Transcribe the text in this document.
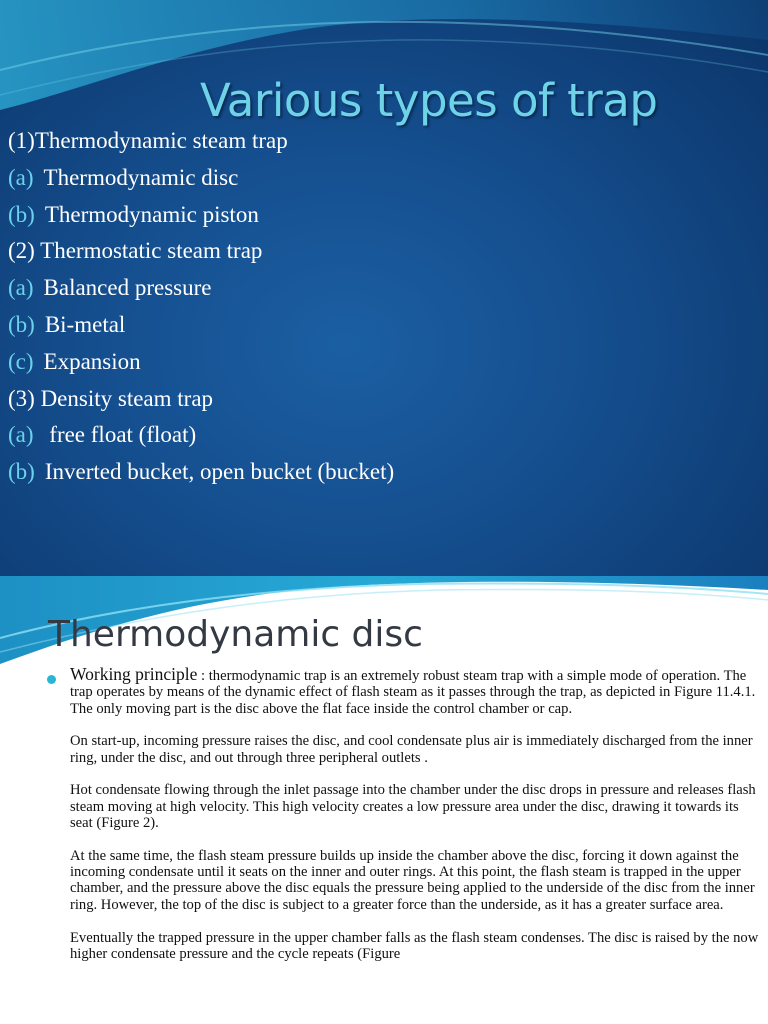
Various types of trap
(1)Thermodynamic steam trap
(a) Thermodynamic disc
(b) Thermodynamic piston
(2) Thermostatic steam trap
(a) Balanced pressure
(b) Bi-metal
(c) Expansion
(3) Density steam trap
(a) free float (float)
(b) Inverted bucket, open bucket (bucket)
Thermodynamic disc

Working principle : thermodynamic trap is an extremely robust steam trap with a simple mode of operation. The trap operates by means of the dynamic effect of flash steam as it passes through the trap, as depicted in Figure 11.4.1. The only moving part is the disc above the flat face inside the control chamber or cap.

On start-up, incoming pressure raises the disc, and cool condensate plus air is immediately discharged from the inner ring, under the disc, and out through three peripheral outlets .

Hot condensate flowing through the inlet passage into the chamber under the disc drops in pressure and releases flash steam moving at high velocity. This high velocity creates a low pressure area under the disc, drawing it towards its seat (Figure 2).

At the same time, the flash steam pressure builds up inside the chamber above the disc, forcing it down against the incoming condensate until it seats on the inner and outer rings. At this point, the flash steam is trapped in the upper chamber, and the pressure above the disc equals the pressure being applied to the underside of the disc from the inner ring. However, the top of the disc is subject to a greater force than the underside, as it has a greater surface area.

Eventually the trapped pressure in the upper chamber falls as the flash steam condenses. The disc is raised by the now higher condensate pressure and the cycle repeats (Figure
